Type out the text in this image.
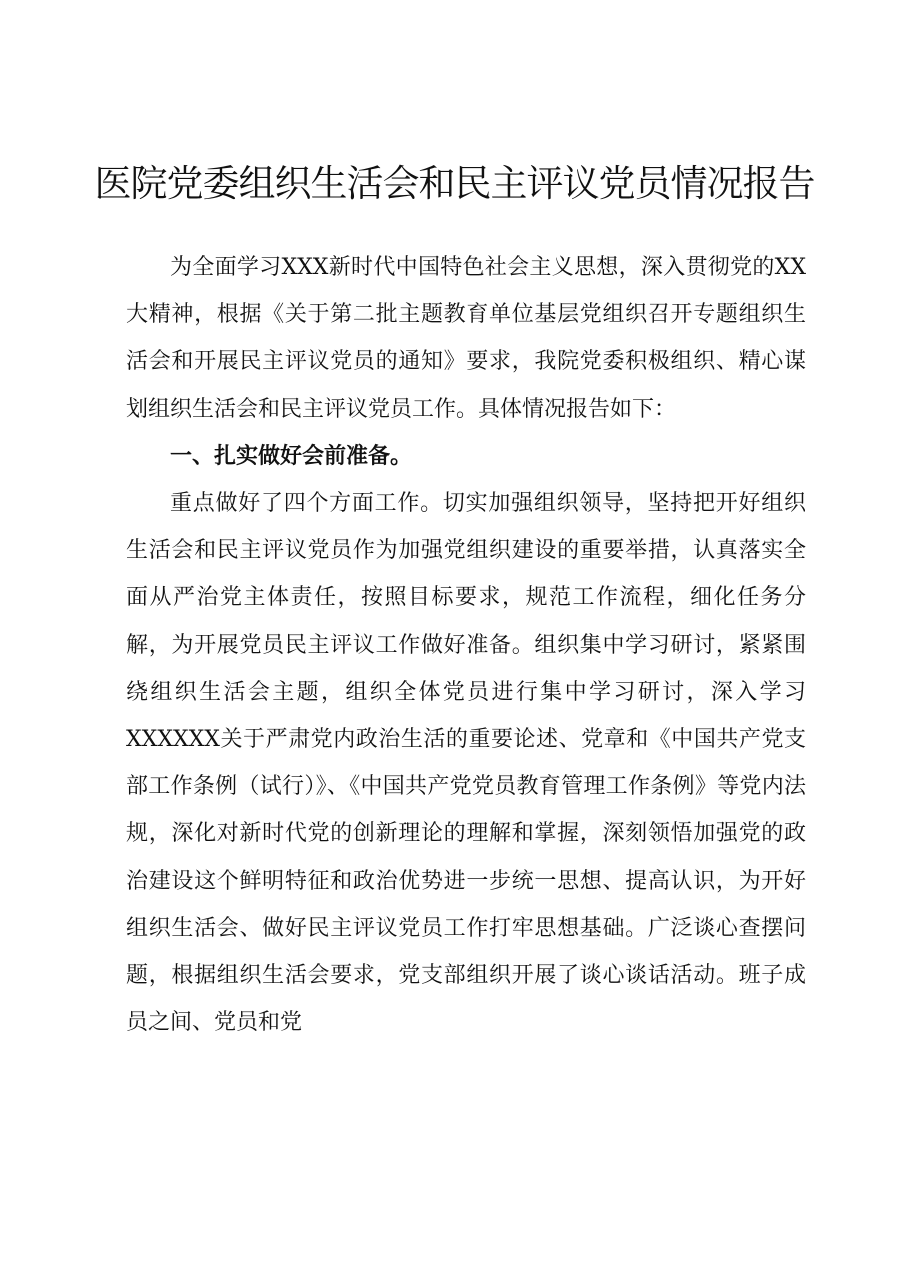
医院党委组织生活会和民主评议党员情况报告

为全面学习XXX新时代中国特色社会主义思想，深入贯彻党的XX大精神，根据《关于第二批主题教育单位基层党组织召开专题组织生活会和开展民主评议党员的通知》要求，我院党委积极组织、精心谋划组织生活会和民主评议党员工作。具体情况报告如下：

一、扎实做好会前准备。

重点做好了四个方面工作。切实加强组织领导，坚持把开好组织生活会和民主评议党员作为加强党组织建设的重要举措，认真落实全面从严治党主体责任，按照目标要求，规范工作流程，细化任务分解，为开展党员民主评议工作做好准备。组织集中学习研讨，紧紧围绕组织生活会主题，组织全体党员进行集中学习研讨，深入学习XXXXXX关于严肃党内政治生活的重要论述、党章和《中国共产党支部工作条例（试行）》、《中国共产党党员教育管理工作条例》等党内法规，深化对新时代党的创新理论的理解和掌握，深刻领悟加强党的政治建设这个鲜明特征和政治优势进一步统一思想、提高认识，为开好组织生活会、做好民主评议党员工作打牢思想基础。广泛谈心查摆问题，根据组织生活会要求，党支部组织开展了谈心谈话活动。班子成员之间、党员和党
